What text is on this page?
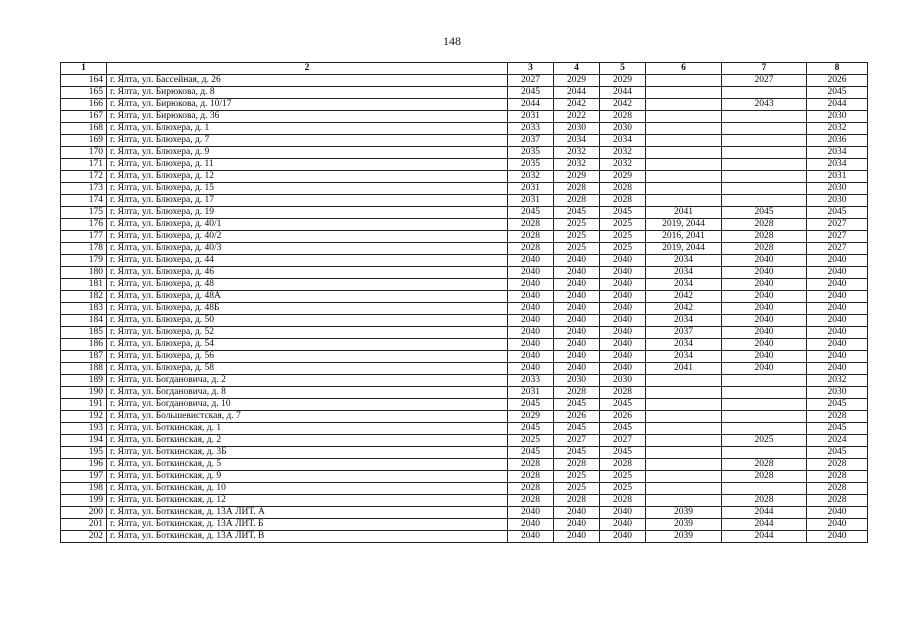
148
1	2	3	4	5	6	7	8
164	г. Ялта, ул. Бассейная, д. 26	2027	2029	2029		2027	2026
165	г. Ялта, ул. Бирюкова, д. 8	2045	2044	2044			2045
166	г. Ялта, ул. Бирюкова, д. 10/17	2044	2042	2042		2043	2044
167	г. Ялта, ул. Бирюкова, д. 36	2031	2022	2028			2030
168	г. Ялта, ул. Блюхера, д. 1	2033	2030	2030			2032
169	г. Ялта, ул. Блюхера, д. 7	2037	2034	2034			2036
170	г. Ялта, ул. Блюхера, д. 9	2035	2032	2032			2034
171	г. Ялта, ул. Блюхера, д. 11	2035	2032	2032			2034
172	г. Ялта, ул. Блюхера, д. 12	2032	2029	2029			2031
173	г. Ялта, ул. Блюхера, д. 15	2031	2028	2028			2030
174	г. Ялта, ул. Блюхера, д. 17	2031	2028	2028			2030
175	г. Ялта, ул. Блюхера, д. 19	2045	2045	2045	2041	2045	2045
176	г. Ялта, ул. Блюхера, д. 40/1	2028	2025	2025	2019, 2044	2028	2027
177	г. Ялта, ул. Блюхера, д. 40/2	2028	2025	2025	2016, 2041	2028	2027
178	г. Ялта, ул. Блюхера, д. 40/3	2028	2025	2025	2019, 2044	2028	2027
179	г. Ялта, ул. Блюхера, д. 44	2040	2040	2040	2034	2040	2040
180	г. Ялта, ул. Блюхера, д. 46	2040	2040	2040	2034	2040	2040
181	г. Ялта, ул. Блюхера, д. 48	2040	2040	2040	2034	2040	2040
182	г. Ялта, ул. Блюхера, д. 48А	2040	2040	2040	2042	2040	2040
183	г. Ялта, ул. Блюхера, д. 48Б	2040	2040	2040	2042	2040	2040
184	г. Ялта, ул. Блюхера, д. 50	2040	2040	2040	2034	2040	2040
185	г. Ялта, ул. Блюхера, д. 52	2040	2040	2040	2037	2040	2040
186	г. Ялта, ул. Блюхера, д. 54	2040	2040	2040	2034	2040	2040
187	г. Ялта, ул. Блюхера, д. 56	2040	2040	2040	2034	2040	2040
188	г. Ялта, ул. Блюхера, д. 58	2040	2040	2040	2041	2040	2040
189	г. Ялта, ул. Богдановича, д. 2	2033	2030	2030			2032
190	г. Ялта, ул. Богдановича, д. 8	2031	2028	2028			2030
191	г. Ялта, ул. Богдановича, д. 10	2045	2045	2045			2045
192	г. Ялта, ул. Большевистская, д. 7	2029	2026	2026			2028
193	г. Ялта, ул. Боткинская, д. 1	2045	2045	2045			2045
194	г. Ялта, ул. Боткинская, д. 2	2025	2027	2027		2025	2024
195	г. Ялта, ул. Боткинская, д. 3Б	2045	2045	2045			2045
196	г. Ялта, ул. Боткинская, д. 5	2028	2028	2028		2028	2028
197	г. Ялта, ул. Боткинская, д. 9	2028	2025	2025		2028	2028
198	г. Ялта, ул. Боткинская, д. 10	2028	2025	2025			2028
199	г. Ялта, ул. Боткинская, д. 12	2028	2028	2028		2028	2028
200	г. Ялта, ул. Боткинская, д. 13А ЛИТ. А	2040	2040	2040	2039	2044	2040
201	г. Ялта, ул. Боткинская, д. 13А ЛИТ. Б	2040	2040	2040	2039	2044	2040
202	г. Ялта, ул. Боткинская, д. 13А ЛИТ. В	2040	2040	2040	2039	2044	2040
